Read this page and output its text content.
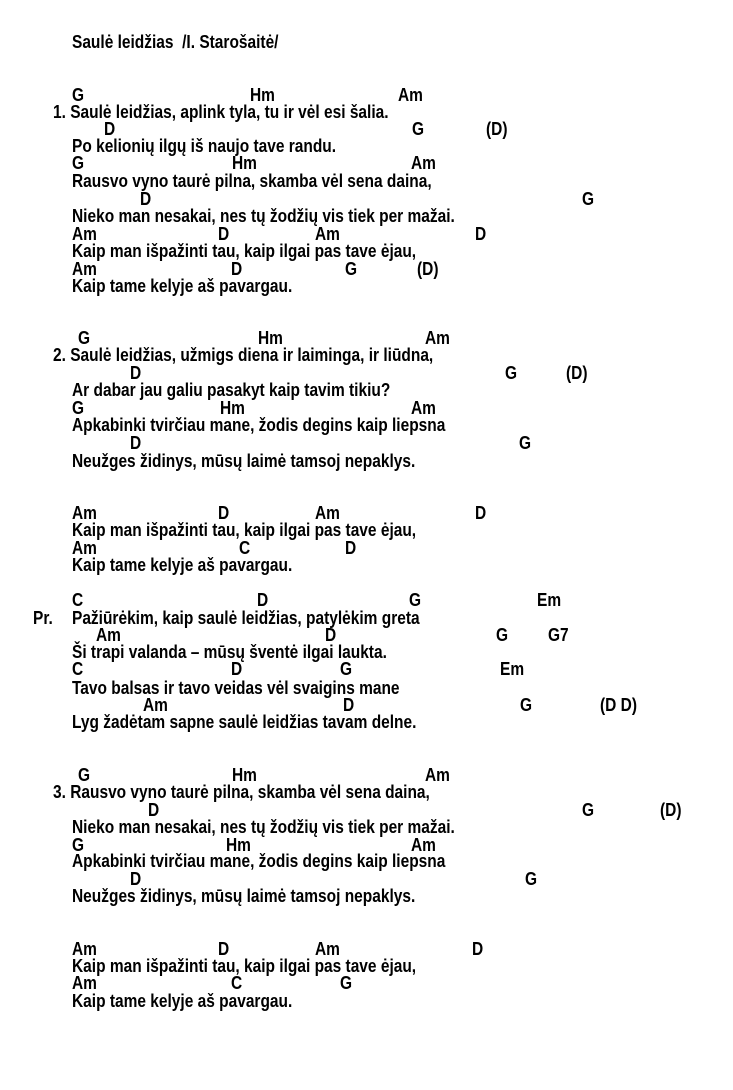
Saulė leidžias  /I. Starošaitė/
G	Hm	Am
1. Saulė leidžias, aplink tyla, tu ir vėl esi šalia.
D	G	(D)
Po kelionių ilgų iš naujo tave randu.
G	Hm	Am
Rausvo vyno taurė pilna, skamba vėl sena daina,
D	G
Nieko man nesakai, nes tų žodžių vis tiek per mažai.
Am	D	Am	D
Kaip man išpažinti tau, kaip ilgai pas tave ėjau,
Am	D	G	(D)
Kaip tame kelyje aš pavargau.
G	Hm	Am
2. Saulė leidžias, užmigs diena ir laiminga, ir liūdna,
D	G	(D)
Ar dabar jau galiu pasakyt kaip tavim tikiu?
G	Hm	Am
Apkabinki tvirčiau mane, žodis degins kaip liepsna
D	G
Neužges židinys, mūsų laimė tamsoj nepaklys.
Am	D	Am	D
Kaip man išpažinti tau, kaip ilgai pas tave ėjau,
Am	C	D
Kaip tame kelyje aš pavargau.
C	D	G	Em
Pr. Pažiūrėkim, kaip saulė leidžias, patylėkim greta
Am	D	G G7
Ši trapi valanda – mūsų šventė ilgai laukta.
C	D	G	Em
Tavo balsas ir tavo veidas vėl svaigins mane
Am	D	G	(D D)
Lyg žadėtam sapne saulė leidžias tavam delne.
G	Hm	Am
3. Rausvo vyno taurė pilna, skamba vėl sena daina,
D	G	(D)
Nieko man nesakai, nes tų žodžių vis tiek per mažai.
G	Hm	Am
Apkabinki tvirčiau mane, žodis degins kaip liepsna
D	G
Neužges židinys, mūsų laimė tamsoj nepaklys.
Am	D	Am	D
Kaip man išpažinti tau, kaip ilgai pas tave ėjau,
Am	C	G
Kaip tame kelyje aš pavargau.
